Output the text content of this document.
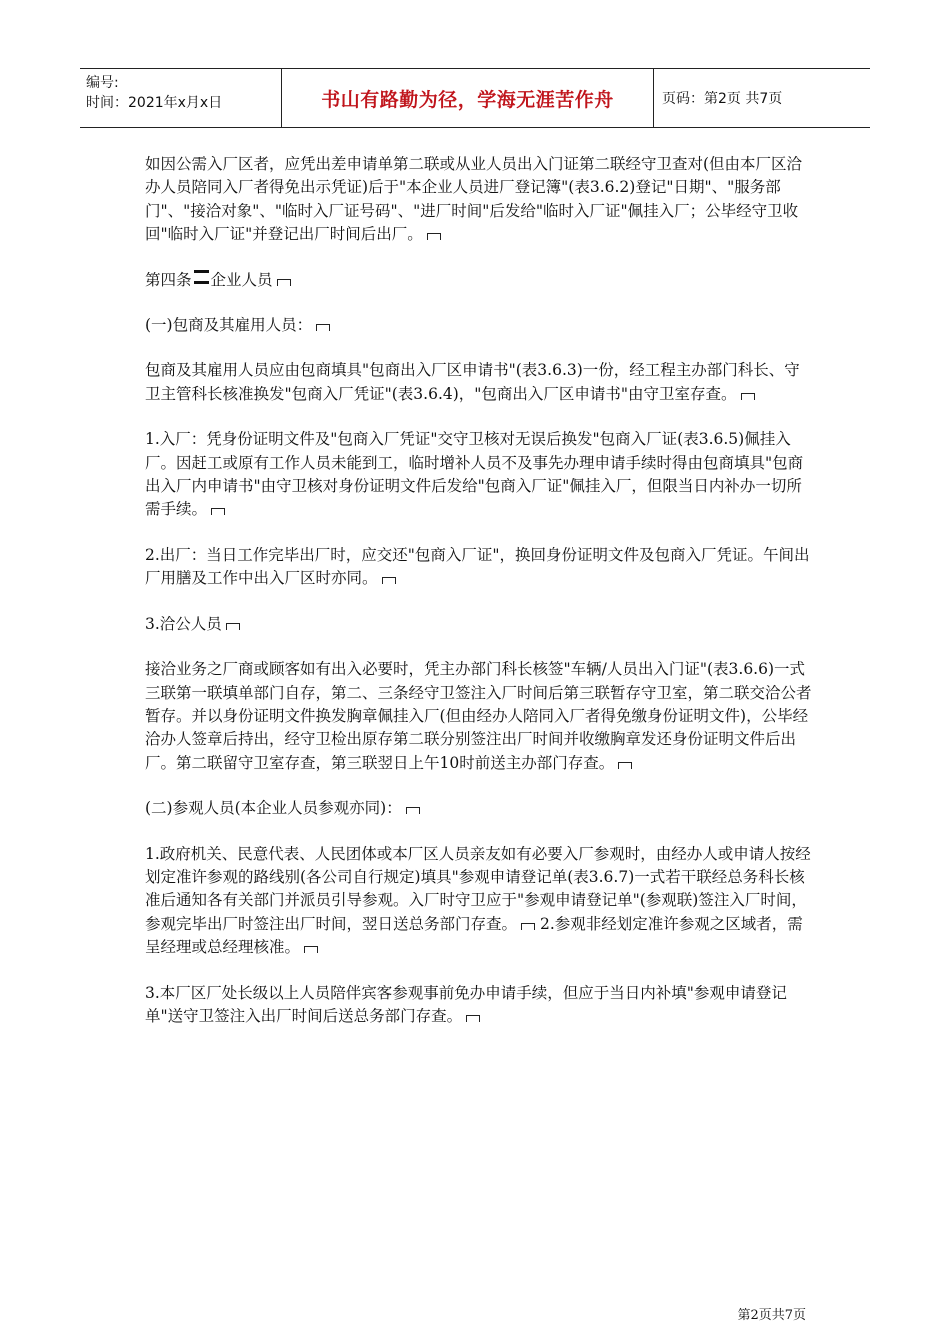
编号:
时间：2021年x月x日	书山有路勤为径，学海无涯苦作舟	页码：第2页 共7页

如因公需入厂区者，应凭出差申请单第二联或从业人员出入门证第二联经守卫查对(但由本厂区洽办人员陪同入厂者得免出示凭证)后于"本企业人员进厂登记簿"(表3.6.2)登记"日期"、"服务部门"、"接洽对象"、"临时入厂证号码"、"进厂时间"后发给"临时入厂证"佩挂入厂；公毕经守卫收回"临时入厂证"并登记出厂时间后出厂。

第四条 企业人员

(一)包商及其雇用人员：

包商及其雇用人员应由包商填具"包商出入厂区申请书"(表3.6.3)一份，经工程主办部门科长、守卫主管科长核准换发"包商入厂凭证"(表3.6.4)，"包商出入厂区申请书"由守卫室存查。

1.入厂：凭身份证明文件及"包商入厂凭证"交守卫核对无误后换发"包商入厂证(表3.6.5)佩挂入厂。因赶工或原有工作人员未能到工，临时增补人员不及事先办理申请手续时得由包商填具"包商出入厂内申请书"由守卫核对身份证明文件后发给"包商入厂证"佩挂入厂，但限当日内补办一切所需手续。

2.出厂：当日工作完毕出厂时，应交还"包商入厂证"，换回身份证明文件及包商入厂凭证。午间出厂用膳及工作中出入厂区时亦同。

3.洽公人员

接洽业务之厂商或顾客如有出入必要时，凭主办部门科长核签"车辆/人员出入门证"(表3.6.6)一式三联第一联填单部门自存，第二、三条经守卫签注入厂时间后第三联暂存守卫室，第二联交洽公者暂存。并以身份证明文件换发胸章佩挂入厂(但由经办人陪同入厂者得免缴身份证明文件)，公毕经洽办人签章后持出，经守卫检出原存第二联分别签注出厂时间并收缴胸章发还身份证明文件后出厂。第二联留守卫室存查，第三联翌日上午10时前送主办部门存查。

(二)参观人员(本企业人员参观亦同)：

1.政府机关、民意代表、人民团体或本厂区人员亲友如有必要入厂参观时，由经办人或申请人按经划定准许参观的路线别(各公司自行规定)填具"参观申请登记单(表3.6.7)一式若干联经总务科长核准后通知各有关部门并派员引导参观。入厂时守卫应于"参观申请登记单"(参观联)签注入厂时间，参观完毕出厂时签注出厂时间，翌日送总务部门存查。 2.参观非经划定准许参观之区域者，需呈经理或总经理核准。

3.本厂区厂处长级以上人员陪伴宾客参观事前免办申请手续，但应于当日内补填"参观申请登记单"送守卫签注入出厂时间后送总务部门存查。

第2页共7页
